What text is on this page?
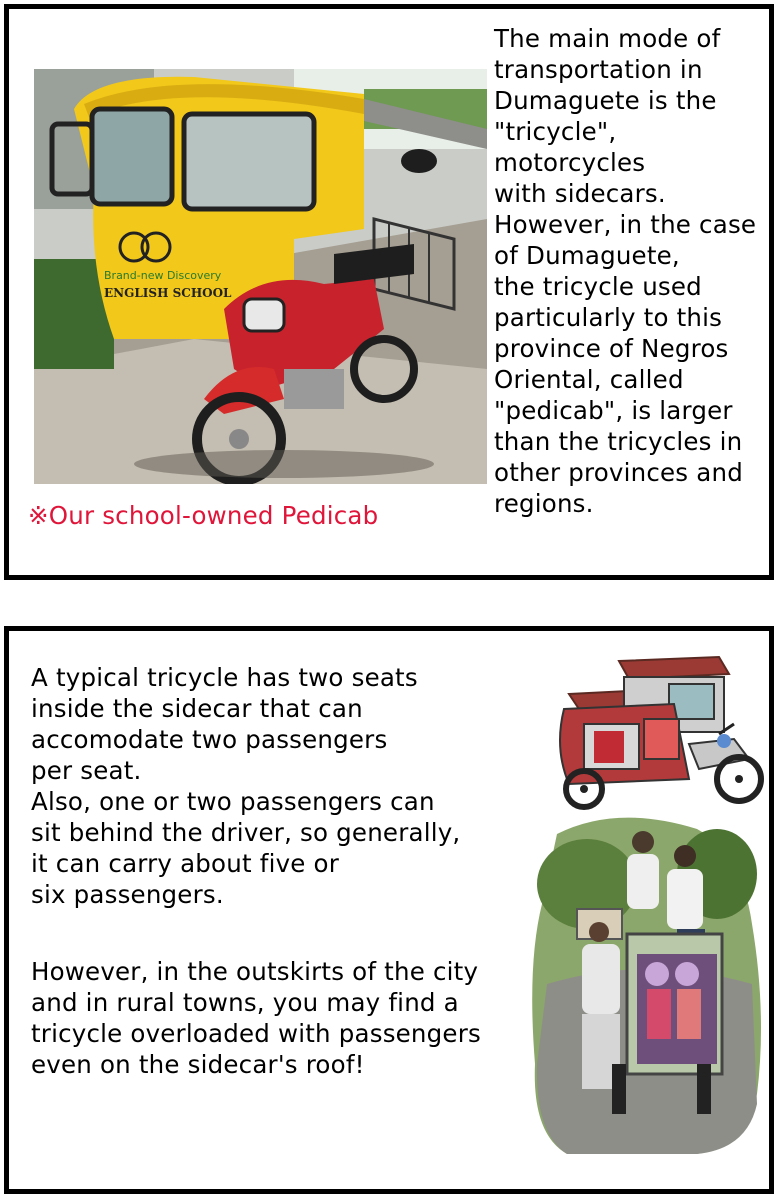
Brand-new Discovery
ENGLISH SCHOOL
※Our school-owned Pedicab
The main mode of
transportation in
Dumaguete is the
"tricycle",
motorcycles
with sidecars.
However, in the case
of Dumaguete,
the tricycle used
particularly to this
province of Negros
Oriental, called
"pedicab", is larger
than the tricycles in
other provinces and
regions.
A typical tricycle has two seats
inside the sidecar that can
accomodate two passengers
per seat.
Also, one or two passengers can
sit behind the driver, so generally,
it can carry about five or
six passengers.
However, in the outskirts of the city
and in rural towns, you may find a
tricycle overloaded with passengers
even on the sidecar's roof!
